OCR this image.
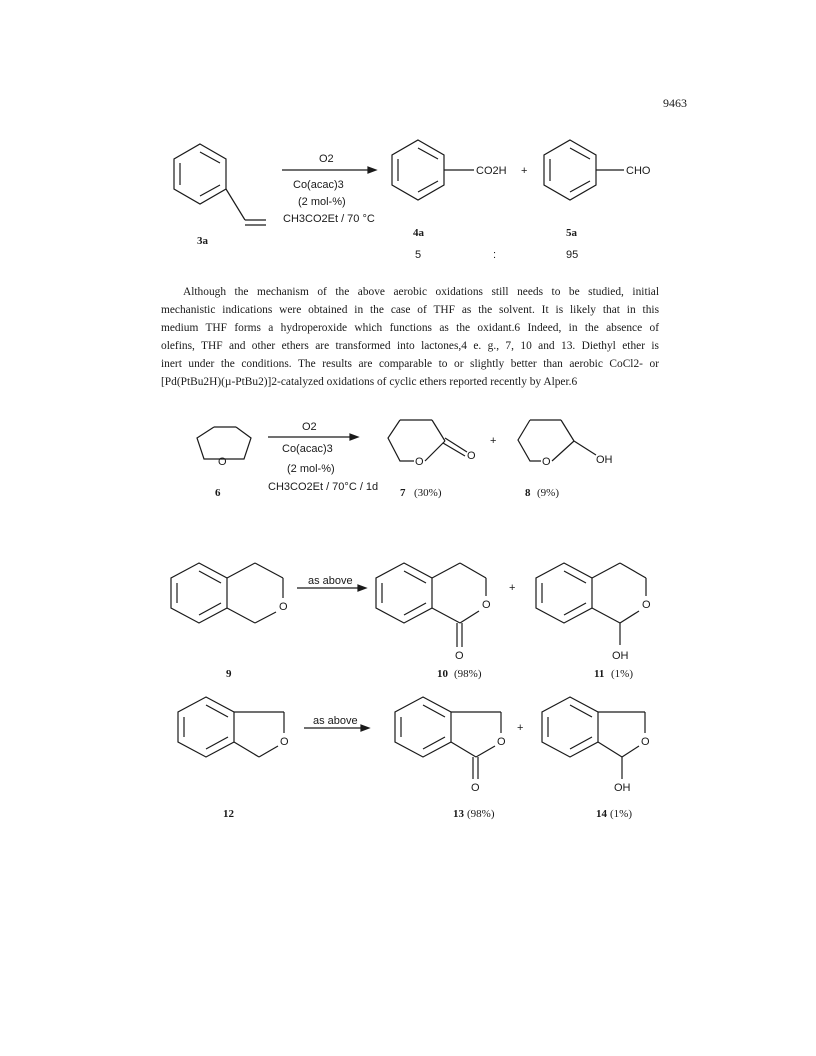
9463
O2
Co(acac)3
(2 mol-%)
CH3CO2Et / 70 °C
CO2H +	CHO
3a
4a	5a
5	:	95
Although the mechanism of the above aerobic oxidations still needs to be studied, initial
mechanistic indications were obtained in the case of THF as the solvent. It is likely that in this
medium THF forms a hydroperoxide which functions as the oxidant.6 Indeed, in the absence of
olefins, THF and other ethers are transformed into lactones,4 e. g., 7, 10 and 13. Diethyl ether is
inert under the conditions. The results are comparable to or slightly better than aerobic CoCl2- or
[Pd(PtBu2H)(µ-PtBu2)]2-catalyzed oxidations of cyclic ethers reported recently by Alper.6
O
O2
Co(acac)3
(2 mol-%)
CH3CO2Et / 70°C / 1d
O	O
+
O	OH
6	7 (30%)	8 (9%)
O
as above
O
O
+
O
OH
9	10 (98%)	11 (1%)
O
as above
O
O
+
O
OH
12	13 (98%)	14 (1%)
